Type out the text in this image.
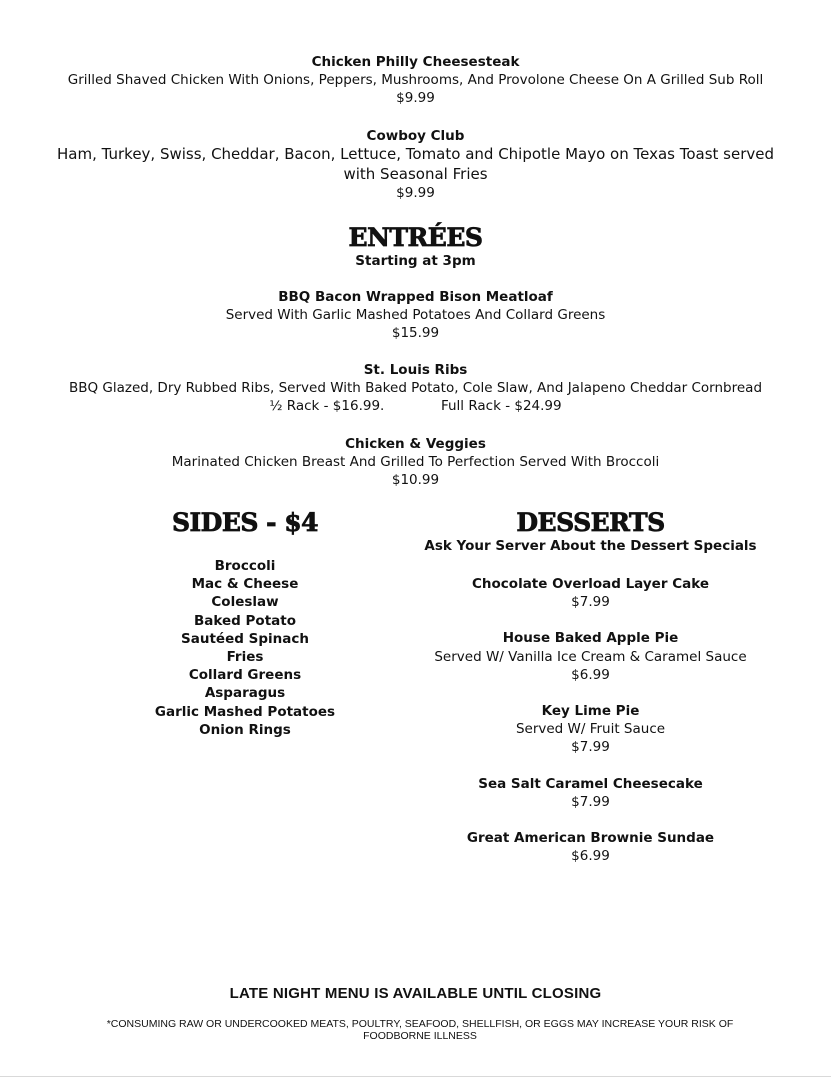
Chicken Philly Cheesesteak
Grilled Shaved Chicken With Onions, Peppers, Mushrooms, And Provolone Cheese On A Grilled Sub Roll
$9.99
Cowboy Club
Ham, Turkey, Swiss, Cheddar, Bacon, Lettuce, Tomato and Chipotle Mayo on Texas Toast served
with Seasonal Fries
$9.99
ENTRÉES
Starting at 3pm
BBQ Bacon Wrapped Bison Meatloaf
Served With Garlic Mashed Potatoes And Collard Greens
$15.99
St. Louis Ribs
BBQ Glazed, Dry Rubbed Ribs, Served With Baked Potato, Cole Slaw, And Jalapeno Cheddar Cornbread
½ Rack - $16.99.	Full Rack - $24.99
Chicken & Veggies
Marinated Chicken Breast And Grilled To Perfection Served With Broccoli
$10.99
SIDES - $4
Broccoli
Mac & Cheese
Coleslaw
Baked Potato
Sautéed Spinach
Fries
Collard Greens
Asparagus
Garlic Mashed Potatoes
Onion Rings
DESSERTS
Ask Your Server About the Dessert Specials
Chocolate Overload Layer Cake
$7.99
House Baked Apple Pie
Served W/ Vanilla Ice Cream & Caramel Sauce
$6.99
Key Lime Pie
Served W/ Fruit Sauce
$7.99
Sea Salt Caramel Cheesecake
$7.99
Great American Brownie Sundae
$6.99
LATE NIGHT MENU IS AVAILABLE UNTIL CLOSING
*CONSUMING RAW OR UNDERCOOKED MEATS, POULTRY, SEAFOOD, SHELLFISH, OR EGGS MAY INCREASE YOUR RISK OF FOODBORNE ILLNESS
